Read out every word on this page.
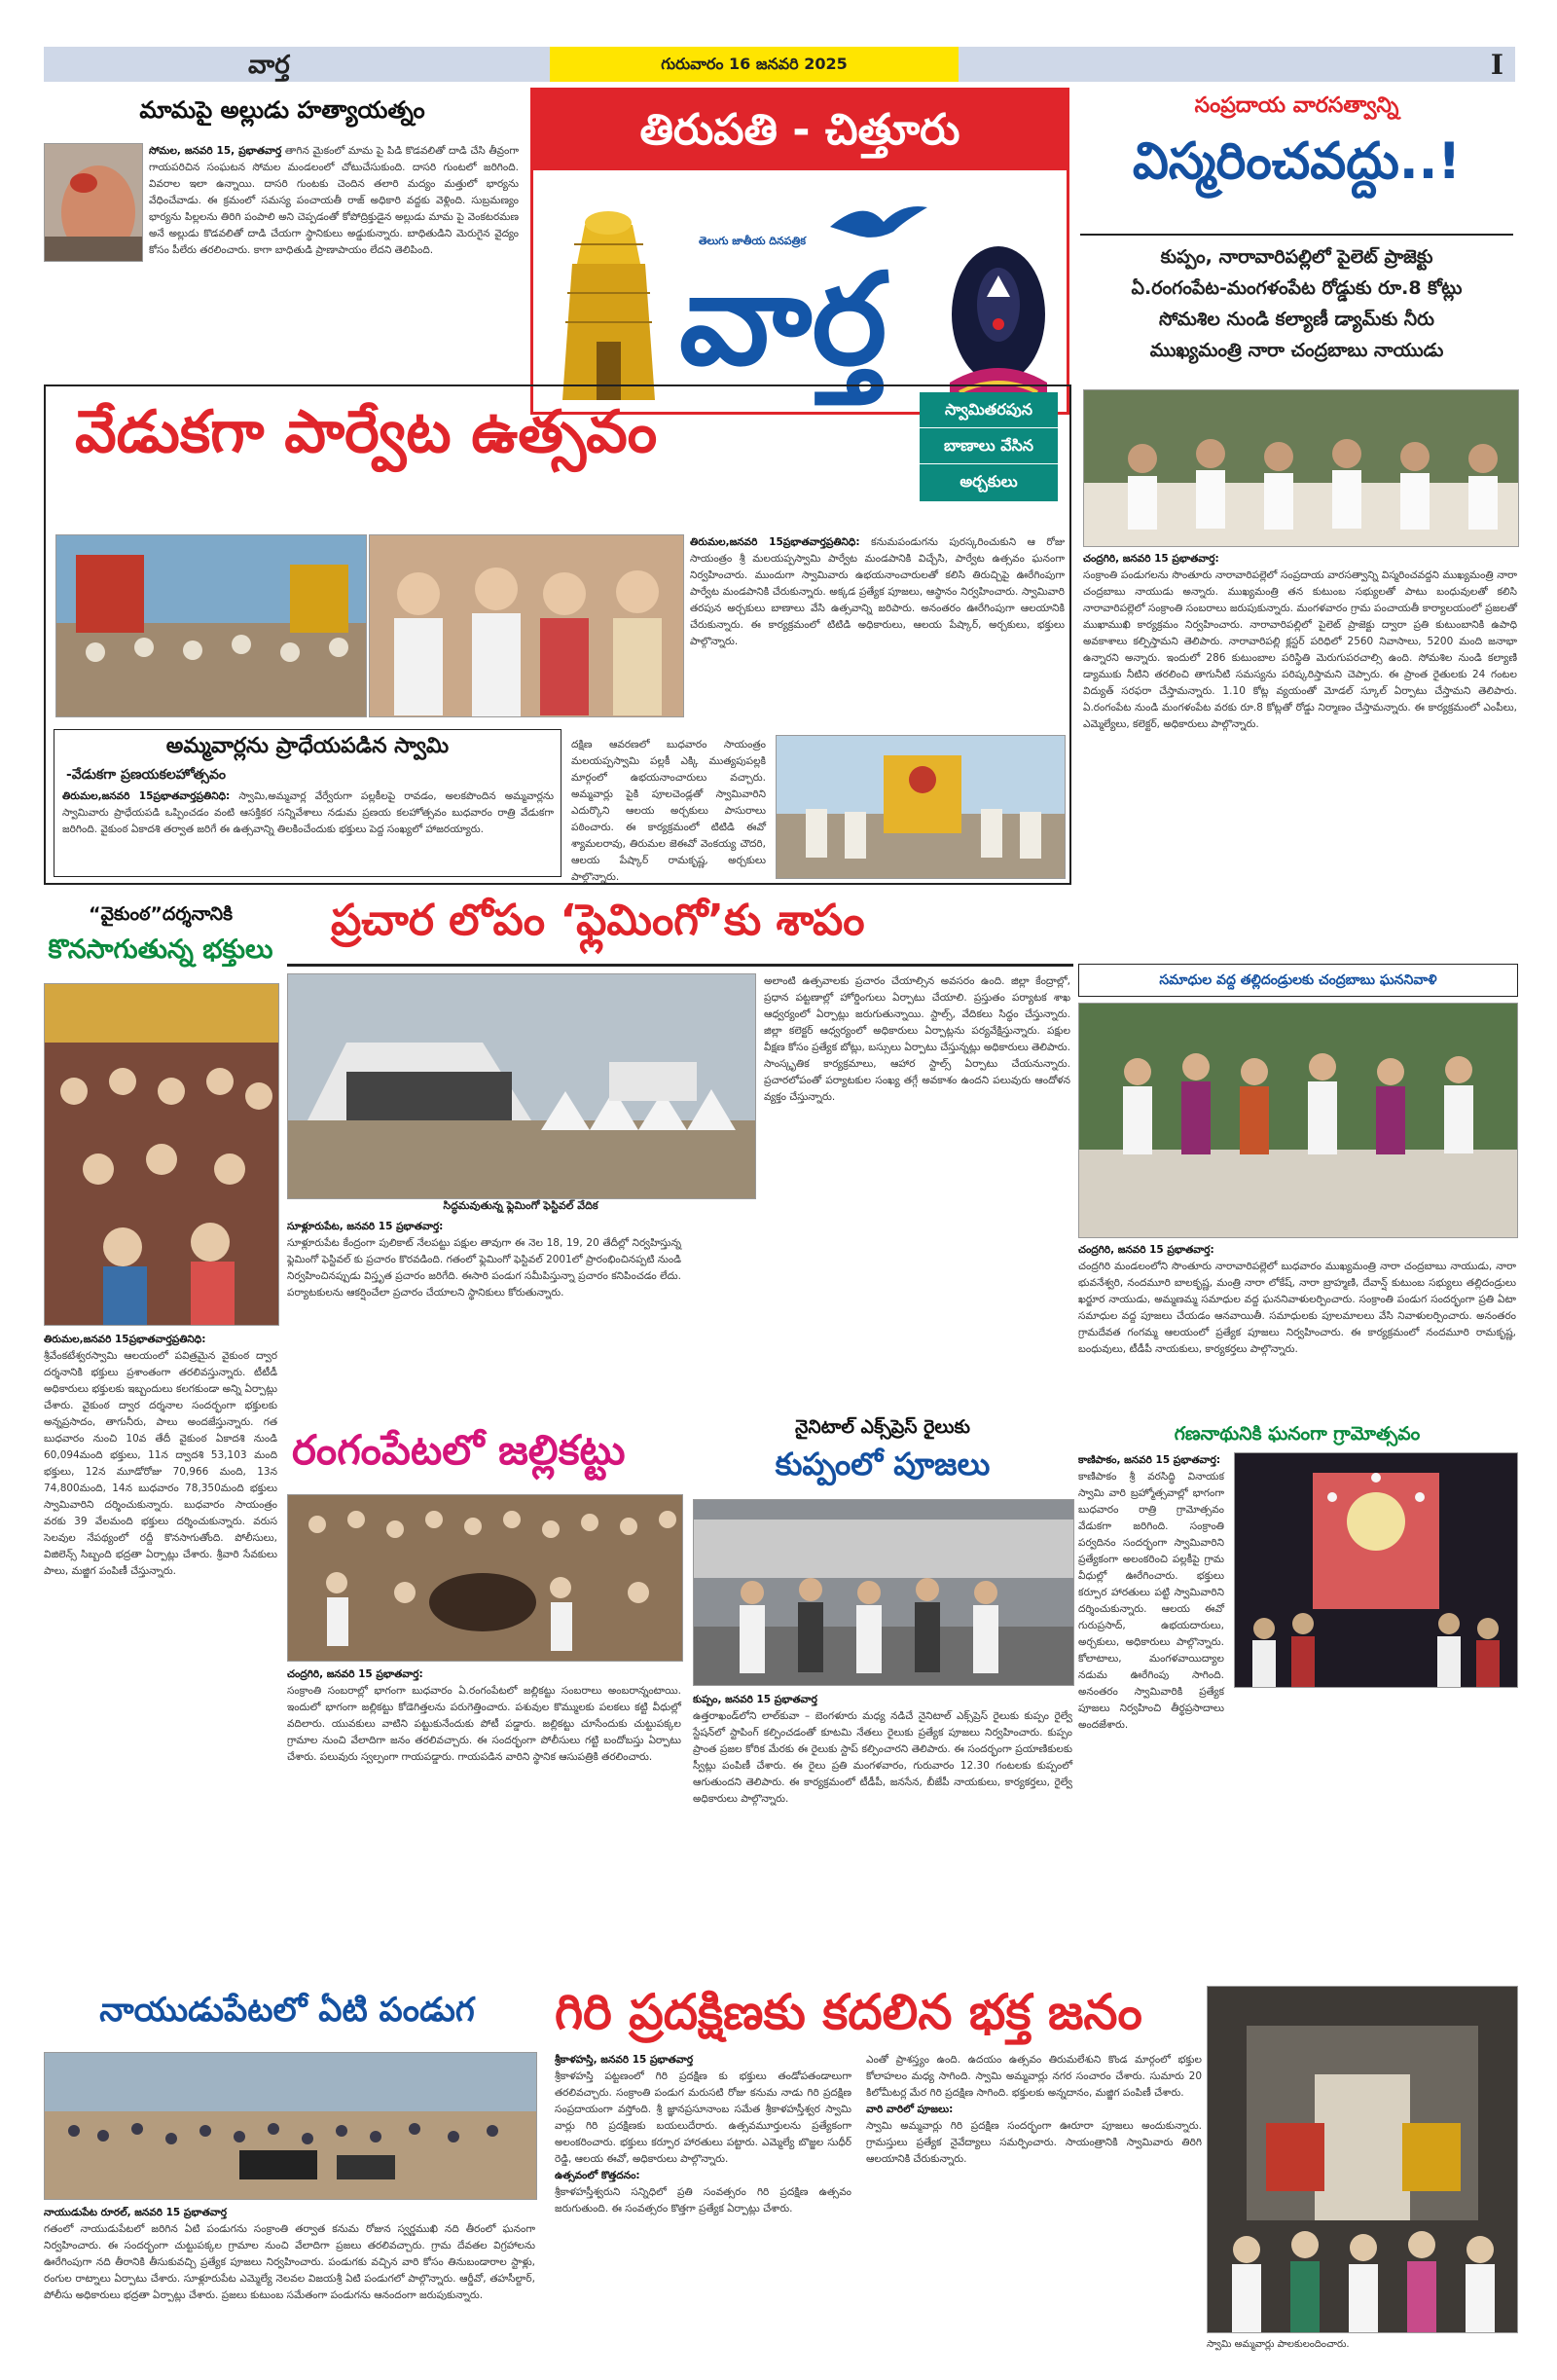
వార్త	గురువారం 16 జనవరి 2025	I
మామపై అల్లుడు హత్యాయత్నం
సోమల, జనవరి 15, ప్రభాతవార్త తాగిన మైకంలో మామ పై పిడి కొడవలితో దాడి చేసి తీవ్రంగా గాయపరిచిన సంఘటన సోమల మండలంలో చోటుచేసుకుంది. దాసరి గుంటలో జరిగింది. వివరాల ఇలా ఉన్నాయి. దాసరి గుంటకు చెందిన తలారి మద్యం మత్తులో భార్యను వేధించేవాడు. ఈ క్రమంలో సమస్య పంచాయతీ రాజ్ అధికారి వద్దకు వెళ్లింది. సుబ్రమణ్యం భార్యను పిల్లలను తిరిగి పంపాలి అని చెప్పడంతో కోపోద్రిక్తుడైన అల్లుడు మామ పై వెంకటరమణ అనే అల్లుడు కొడవలితో దాడి చేయగా స్థానికులు అడ్డుకున్నారు. బాధితుడిని మెరుగైన వైద్యం కోసం పీలేరు తరలించారు. కాగా బాధితుడి ప్రాణాపాయం లేదని తెలిపింది.
తిరుపతి - చిత్తూరు
తెలుగు జాతీయ దినపత్రిక
వార్త
సంప్రదాయ వారసత్వాన్ని
విస్మరించవద్దు..!
కుప్పం, నారావారిపల్లిలో పైలెట్ ప్రాజెక్టు
ఏ.రంగంపేట-మంగళంపేట రోడ్డుకు రూ.8 కోట్లు
సోమశిల నుండి కల్యాణీ డ్యామ్‌కు నీరు
ముఖ్యమంత్రి నారా చంద్రబాబు నాయుడు
వేడుకగా పార్వేట ఉత్సవం	స్వామితరపున
బాణాలు వేసిన
అర్చకులు
తిరుమల,జనవరి 15ప్రభాతవార్తప్రతినిధి: కనుమపండుగను పురస్కరించుకుని ఆ రోజు సాయంత్రం శ్రీ మలయప్పస్వామి పార్వేట మండపానికి విచ్చేసి, పార్వేట ఉత్సవం ఘనంగా నిర్వహించారు. ముందుగా స్వామివారు ఉభయనాంచారులతో కలిసి తిరుచ్చిపై ఊరేగింపుగా పార్వేట మండపానికి చేరుకున్నారు. అక్కడ ప్రత్యేక పూజలు, ఆస్థానం నిర్వహించారు. స్వామివారి తరపున అర్చకులు బాణాలు వేసి ఉత్సవాన్ని జరిపారు. అనంతరం ఊరేగింపుగా ఆలయానికి చేరుకున్నారు. ఈ కార్యక్రమంలో టిటిడి అధికారులు, ఆలయ పేష్కార్, అర్చకులు, భక్తులు పాల్గొన్నారు.
అమ్మవార్లను ప్రాధేయపడిన స్వామి
-వేడుకగా ప్రణయకలహోత్సవం
తిరుమల,జనవరి 15ప్రభాతవార్తప్రతినిధి: స్వామి,అమ్మవార్ల వేర్వేరుగా పల్లకీలపై రావడం, అలకపొందిన అమ్మవార్లను స్వామివారు ప్రాధేయపడి ఒప్పించడం వంటి ఆసక్తికర సన్నివేశాలు నడుమ ప్రణయ కలహోత్సవం బుధవారం రాత్రి వేడుకగా జరిగింది. వైకుంఠ ఏకాదశి తర్వాత జరిగే ఈ ఉత్సవాన్ని తిలకించేందుకు భక్తులు పెద్ద సంఖ్యలో హాజరయ్యారు.
దక్షిణ ఆవరణలో బుధవారం సాయంత్రం మలయప్పస్వామి పల్లకీ ఎక్కి ముత్యపుపల్లకి మార్గంలో ఉభయనాంచారులు వచ్చారు. అమ్మవార్లు పైకి పూలచెండ్లతో స్వామివారిని ఎదుర్కొని ఆలయ అర్చకులు పాసురాలు పఠించారు. ఈ కార్యక్రమంలో టిటిడి ఈవో శ్యామలరావు, తిరుమల జెఈవో వెంకయ్య చౌదరి, ఆలయ పేష్కార్ రామకృష్ణ, అర్చకులు పాల్గొన్నారు.
చంద్రగిరి, జనవరి 15 ప్రభాతవార్త:
సంక్రాంతి పండుగలను సొంతూరు నారావారిపల్లెలో సంప్రదాయ వారసత్వాన్ని విస్మరించవద్దని ముఖ్యమంత్రి నారా చంద్రబాబు నాయుడు అన్నారు. ముఖ్యమంత్రి తన కుటుంబ సభ్యులతో పాటు బంధువులతో కలిసి నారావారిపల్లెలో సంక్రాంతి సంబరాలు జరుపుకున్నారు. మంగళవారం గ్రామ పంచాయతీ కార్యాలయంలో ప్రజలతో ముఖాముఖి కార్యక్రమం నిర్వహించారు. నారావారిపల్లిలో పైలెట్ ప్రాజెక్టు ద్వారా ప్రతి కుటుంబానికి ఉపాధి అవకాశాలు కల్పిస్తామని తెలిపారు. నారావారిపల్లి క్లస్టర్ పరిధిలో 2560 నివాసాలు, 5200 మంది జనాభా ఉన్నారని అన్నారు. ఇందులో 286 కుటుంబాల పరిస్థితి మెరుగుపరచాల్సి ఉంది. సోమశిల నుండి కల్యాణి డ్యాముకు నీటిని తరలించి తాగునీటి సమస్యను పరిష్కరిస్తామని చెప్పారు. ఈ ప్రాంత రైతులకు 24 గంటల విద్యుత్ సరఫరా చేస్తామన్నారు. 1.10 కోట్ల వ్యయంతో మోడల్ స్కూల్ ఏర్పాటు చేస్తామని తెలిపారు. ఏ.రంగంపేట నుండి మంగళంపేట వరకు రూ.8 కోట్లతో రోడ్డు నిర్మాణం చేస్తామన్నారు. ఈ కార్యక్రమంలో ఎంపీలు, ఎమ్మెల్యేలు, కలెక్టర్, అధికారులు పాల్గొన్నారు.
ప్రచార లోపం ‘ఫ్లెమింగో’కు శాపం
సిద్ధమవుతున్న ఫ్లెమింగో ఫెస్టివల్ వేదిక
సూళ్లూరుపేట, జనవరి 15 ప్రభాతవార్త:
సూళ్లూరుపేట కేంద్రంగా పులికాట్ నేలపట్టు పక్షుల తావుగా ఈ నెల 18, 19, 20 తేదీల్లో నిర్వహిస్తున్న ఫ్లెమింగో ఫెస్టివల్ కు ప్రచారం కొరవడింది. గతంలో ఫ్లెమింగో ఫెస్టివల్ 2001లో ప్రారంభించినప్పటి నుండి నిర్వహించినప్పుడు విస్తృత ప్రచారం జరిగేది. ఈసారి పండుగ సమీపిస్తున్నా ప్రచారం కనిపించడం లేదు. పర్యాటకులను ఆకర్షించేలా ప్రచారం చేయాలని స్థానికులు కోరుతున్నారు.
అలాంటి ఉత్సవాలకు ప్రచారం చేయాల్సిన అవసరం ఉంది. జిల్లా కేంద్రాల్లో, ప్రధాన పట్టణాల్లో హోర్డింగులు ఏర్పాటు చేయాలి. ప్రస్తుతం పర్యాటక శాఖ ఆధ్వర్యంలో ఏర్పాట్లు జరుగుతున్నాయి. స్టాల్స్, వేదికలు సిద్ధం చేస్తున్నారు. జిల్లా కలెక్టర్ ఆధ్వర్యంలో అధికారులు ఏర్పాట్లను పర్యవేక్షిస్తున్నారు. పక్షుల వీక్షణ కోసం ప్రత్యేక బోట్లు, బస్సులు ఏర్పాటు చేస్తున్నట్లు అధికారులు తెలిపారు. సాంస్కృతిక కార్యక్రమాలు, ఆహార స్టాల్స్ ఏర్పాటు చేయనున్నారు. ప్రచారలోపంతో పర్యాటకుల సంఖ్య తగ్గే అవకాశం ఉందని పలువురు ఆందోళన వ్యక్తం చేస్తున్నారు.
“వైకుంఠ”దర్శనానికి
కొనసాగుతున్న భక్తులు
తిరుమల,జనవరి 15ప్రభాతవార్తప్రతినిధి:
శ్రీవేంకటేశ్వరస్వామి ఆలయంలో పవిత్రమైన వైకుంఠ ద్వార దర్శనానికి భక్తులు ప్రశాంతంగా తరలివస్తున్నారు. టీటీడీ అధికారులు భక్తులకు ఇబ్బందులు కలగకుండా అన్ని ఏర్పాట్లు చేశారు. వైకుంఠ ద్వార దర్శనాల సందర్భంగా భక్తులకు అన్నప్రసాదం, తాగునీరు, పాలు అందజేస్తున్నారు. గత బుధవారం నుంచి 10వ తేదీ వైకుంఠ ఏకాదశి నుండి 60,094మంది భక్తులు, 11న ద్వాదశి 53,103 మంది భక్తులు, 12న మూడోరోజు 70,966 మంది, 13న 74,800మంది, 14న బుధవారం 78,350మంది భక్తులు స్వామివారిని దర్శించుకున్నారు. బుధవారం సాయంత్రం వరకు 39 వేలమంది భక్తులు దర్శించుకున్నారు. వరుస సెలవుల నేపథ్యంలో రద్దీ కొనసాగుతోంది. పోలీసులు, విజిలెన్స్ సిబ్బంది భద్రతా ఏర్పాట్లు చేశారు. శ్రీవారి సేవకులు పాలు, మజ్జిగ పంపిణీ చేస్తున్నారు.
సమాధుల వద్ద తల్లిదండ్రులకు చంద్రబాబు ఘననివాళి
చంద్రగిరి, జనవరి 15 ప్రభాతవార్త:
చంద్రగిరి మండలంలోని సొంతూరు నారావారిపల్లెలో బుధవారం ముఖ్యమంత్రి నారా చంద్రబాబు నాయుడు, నారా భువనేశ్వరి, నందమూరి బాలకృష్ణ, మంత్రి నారా లోకేష్, నారా బ్రాహ్మణి, దేవాన్ష్ కుటుంబ సభ్యులు తల్లిదండ్రులు ఖర్జూర నాయుడు, అమ్మణమ్మ సమాధుల వద్ద ఘననివాళులర్పించారు. సంక్రాంతి పండుగ సందర్భంగా ప్రతి ఏటా సమాధుల వద్ద పూజలు చేయడం ఆనవాయితీ. సమాధులకు పూలమాలలు వేసి నివాళులర్పించారు. అనంతరం గ్రామదేవత గంగమ్మ ఆలయంలో ప్రత్యేక పూజలు నిర్వహించారు. ఈ కార్యక్రమంలో నందమూరి రామకృష్ణ, బంధువులు, టీడీపీ నాయకులు, కార్యకర్తలు పాల్గొన్నారు.
రంగంపేటలో జల్లికట్టు
చంద్రగిరి, జనవరి 15 ప్రభాతవార్త:
సంక్రాంతి సంబరాల్లో భాగంగా బుధవారం ఏ.రంగంపేటలో జల్లికట్టు సంబరాలు అంబరాన్నంటాయి. ఇందులో భాగంగా జల్లికట్టు కోడెగిత్తలను పరుగెత్తించారు. పశువుల కొమ్ములకు పలకలు కట్టి వీధుల్లో వదిలారు. యువకులు వాటిని పట్టుకునేందుకు పోటీ పడ్డారు. జల్లికట్టు చూసేందుకు చుట్టుపక్కల గ్రామాల నుంచి వేలాదిగా జనం తరలివచ్చారు. ఈ సందర్భంగా పోలీసులు గట్టి బందోబస్తు ఏర్పాటు చేశారు. పలువురు స్వల్పంగా గాయపడ్డారు. గాయపడిన వారిని స్థానిక ఆసుపత్రికి తరలించారు.
నైనిటాల్ ఎక్స్‌ప్రెస్ రైలుకు
కుప్పంలో పూజలు
కుప్పం, జనవరి 15 ప్రభాతవార్త
ఉత్తరాఖండ్‌లోని లాల్‌కువా – బెంగళూరు మధ్య నడిచే నైనిటాల్ ఎక్స్‌ప్రెస్ రైలుకు కుప్పం రైల్వే స్టేషన్‌లో స్టాపింగ్ కల్పించడంతో కూటమి నేతలు రైలుకు ప్రత్యేక పూజలు నిర్వహించారు. కుప్పం ప్రాంత ప్రజల కోరిక మేరకు ఈ రైలుకు స్టాప్ కల్పించారని తెలిపారు. ఈ సందర్భంగా ప్రయాణికులకు స్వీట్లు పంపిణీ చేశారు. ఈ రైలు ప్రతి మంగళవారం, గురువారం 12.30 గంటలకు కుప్పంలో ఆగుతుందని తెలిపారు. ఈ కార్యక్రమంలో టీడీపీ, జనసేన, బీజేపీ నాయకులు, కార్యకర్తలు, రైల్వే అధికారులు పాల్గొన్నారు.
గణనాథునికి ఘనంగా గ్రామోత్సవం
కాణిపాకం, జనవరి 15 ప్రభాతవార్త:
కాణిపాకం శ్రీ వరసిద్ధి వినాయక స్వామి వారి బ్రహ్మోత్సవాల్లో భాగంగా బుధవారం రాత్రి గ్రామోత్సవం వేడుకగా జరిగింది. సంక్రాంతి పర్వదినం సందర్భంగా స్వామివారిని ప్రత్యేకంగా అలంకరించి పల్లకీపై గ్రామ వీధుల్లో ఊరేగించారు. భక్తులు కర్పూర హారతులు పట్టి స్వామివారిని దర్శించుకున్నారు. ఆలయ ఈవో గురుప్రసాద్, ఉభయదారులు, అర్చకులు, అధికారులు పాల్గొన్నారు. కోలాటాలు, మంగళవాయిద్యాల నడుమ ఊరేగింపు సాగింది. అనంతరం స్వామివారికి ప్రత్యేక పూజలు నిర్వహించి తీర్థప్రసాదాలు అందజేశారు.
నాయుడుపేటలో ఏటి పండుగ
నాయుడుపేట రూరల్, జనవరి 15 ప్రభాతవార్త
గతంలో నాయుడుపేటలో జరిగిన ఏటి పండుగను సంక్రాంతి తర్వాత కనుమ రోజున స్వర్ణముఖి నది తీరంలో ఘనంగా నిర్వహించారు. ఈ సందర్భంగా చుట్టుపక్కల గ్రామాల నుంచి వేలాదిగా ప్రజలు తరలివచ్చారు. గ్రామ దేవతల విగ్రహాలను ఊరేగింపుగా నది తీరానికి తీసుకువచ్చి ప్రత్యేక పూజలు నిర్వహించారు. పండుగకు వచ్చిన వారి కోసం తినుబండారాల స్టాళ్లు, రంగుల రాట్నాలు ఏర్పాటు చేశారు. సూళ్లూరుపేట ఎమ్మెల్యే నెలవల విజయశ్రీ ఏటి పండుగలో పాల్గొన్నారు. ఆర్డీవో, తహసీల్దార్, పోలీసు అధికారులు భద్రతా ఏర్పాట్లు చేశారు. ప్రజలు కుటుంబ సమేతంగా పండుగను ఆనందంగా జరుపుకున్నారు.
గిరి ప్రదక్షిణకు కదలిన భక్త జనం
శ్రీకాళహస్తి, జనవరి 15 ప్రభాతవార్త
శ్రీకాళహస్తి పట్టణంలో గిరి ప్రదక్షిణ కు భక్తులు తండోపతండాలుగా తరలివచ్చారు. సంక్రాంతి పండుగ మరుసటి రోజు కనుమ నాడు గిరి ప్రదక్షిణ సంప్రదాయంగా వస్తోంది. శ్రీ జ్ఞానప్రసూనాంబ సమేత శ్రీకాళహస్తీశ్వర స్వామి వార్లు గిరి ప్రదక్షిణకు బయలుదేరారు. ఉత్సవమూర్తులను ప్రత్యేకంగా అలంకరించారు. భక్తులు కర్పూర హారతులు పట్టారు. ఎమ్మెల్యే బొజ్జల సుధీర్ రెడ్డి, ఆలయ ఈవో, అధికారులు పాల్గొన్నారు.
ఉత్సవంలో కొత్తదనం:
శ్రీకాళహస్తీశ్వరుని సన్నిధిలో ప్రతి సంవత్సరం గిరి ప్రదక్షిణ ఉత్సవం జరుగుతుంది. ఈ సంవత్సరం కొత్తగా ప్రత్యేక ఏర్పాట్లు చేశారు.
ఎంతో ప్రాశస్త్యం ఉంది. ఉదయం ఉత్సవం తిరుమలేశుని కొండ మార్గంలో భక్తుల కోలాహలం మధ్య సాగింది. స్వామి అమ్మవార్లు నగర సంచారం చేశారు. సుమారు 20 కిలోమీటర్ల మేర గిరి ప్రదక్షిణ సాగింది. భక్తులకు అన్నదానం, మజ్జిగ పంపిణీ చేశారు.
వారి వారిలో పూజలు:
స్వామి అమ్మవార్లు గిరి ప్రదక్షిణ సందర్భంగా ఊరూరా పూజలు అందుకున్నారు. గ్రామస్తులు ప్రత్యేక నైవేద్యాలు సమర్పించారు. సాయంత్రానికి స్వామివారు తిరిగి ఆలయానికి చేరుకున్నారు.
స్వామి అమ్మవార్లు పాలకులందించారు.
